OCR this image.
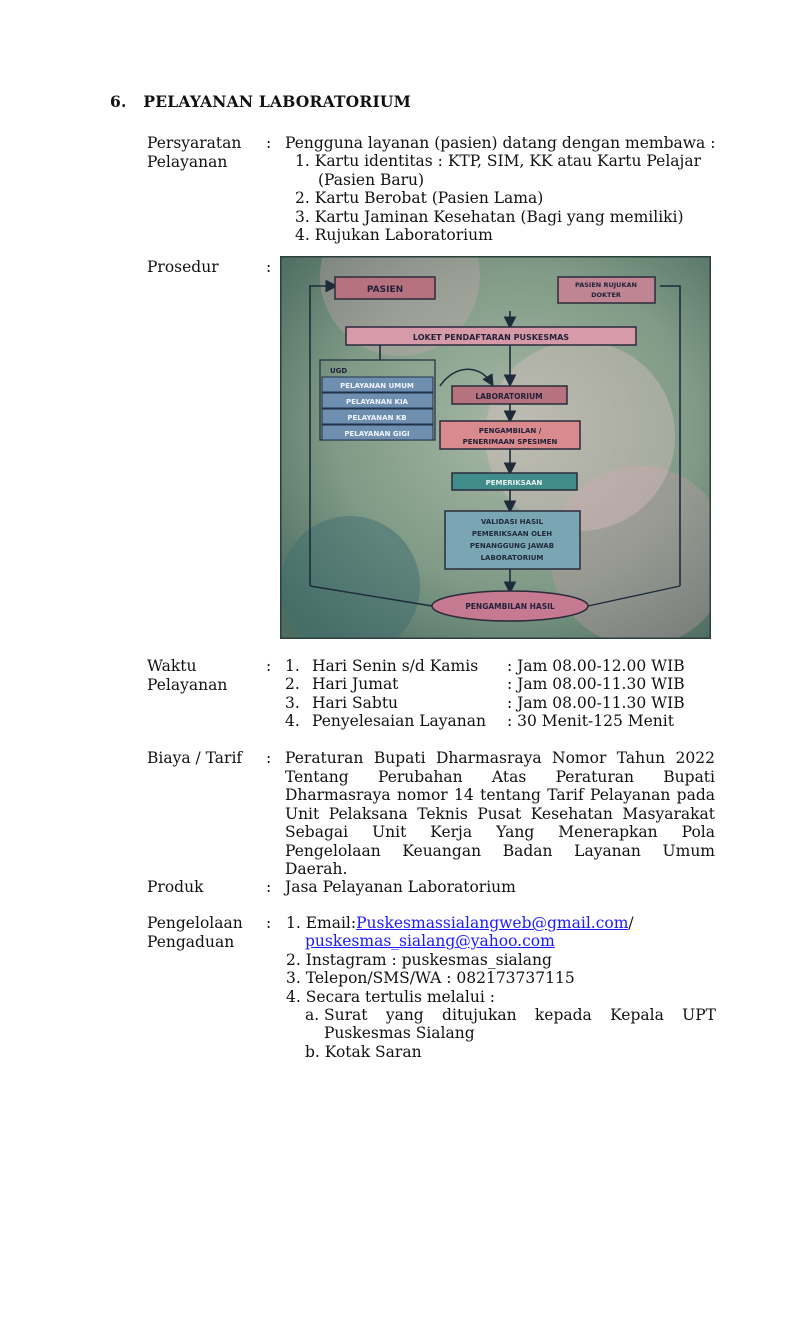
6. PELAYANAN LABORATORIUM
Persyaratan
Pelayanan
: Pengguna layanan (pasien) datang dengan membawa :
1. Kartu identitas : KTP, SIM, KK atau Kartu Pelajar
(Pasien Baru)
2. Kartu Berobat (Pasien Lama)
3. Kartu Jaminan Kesehatan (Bagi yang memiliki)
4. Rujukan Laboratorium
Prosedur	:
PASIEN	PASIEN RUJUKAN
DOKTER
LOKET PENDAFTARAN PUSKESMAS
UGD
PELAYANAN UMUM
PELAYANAN KIA
PELAYANAN KB
PELAYANAN GIGI
LABORATORIUM
PENGAMBILAN /
PENERIMAAN SPESIMEN
PEMERIKSAAN
VALIDASI HASIL
PEMERIKSAAN OLEH
PENANGGUNG JAWAB
LABORATORIUM
PENGAMBILAN HASIL
Waktu
Pelayanan
: 1. Hari Senin s/d Kamis : Jam 08.00-12.00 WIB
2. Hari Jumat	: Jam 08.00-11.30 WIB
3. Hari Sabtu	: Jam 08.00-11.30 WIB
4. Penyelesaian Layanan : 30 Menit-125 Menit
Biaya / Tarif : Peraturan Bupati Dharmasraya Nomor Tahun 2022 Tentang Perubahan Atas Peraturan Bupati Dharmasraya nomor 14 tentang Tarif Pelayanan pada Unit Pelaksana Teknis Pusat Kesehatan Masyarakat Sebagai Unit Kerja Yang Menerapkan Pola Pengelolaan Keuangan Badan Layanan Umum Daerah.
Produk	: Jasa Pelayanan Laboratorium
Pengelolaan
Pengaduan
: 1. Email:Puskesmassialangweb@gmail.com/
puskesmas_sialang@yahoo.com
2. Instagram : puskesmas_sialang
3. Telepon/SMS/WA : 082173737115
4. Secara tertulis melalui :
a. Surat yang ditujukan kepada Kepala UPT
Puskesmas Sialang
b. Kotak Saran
